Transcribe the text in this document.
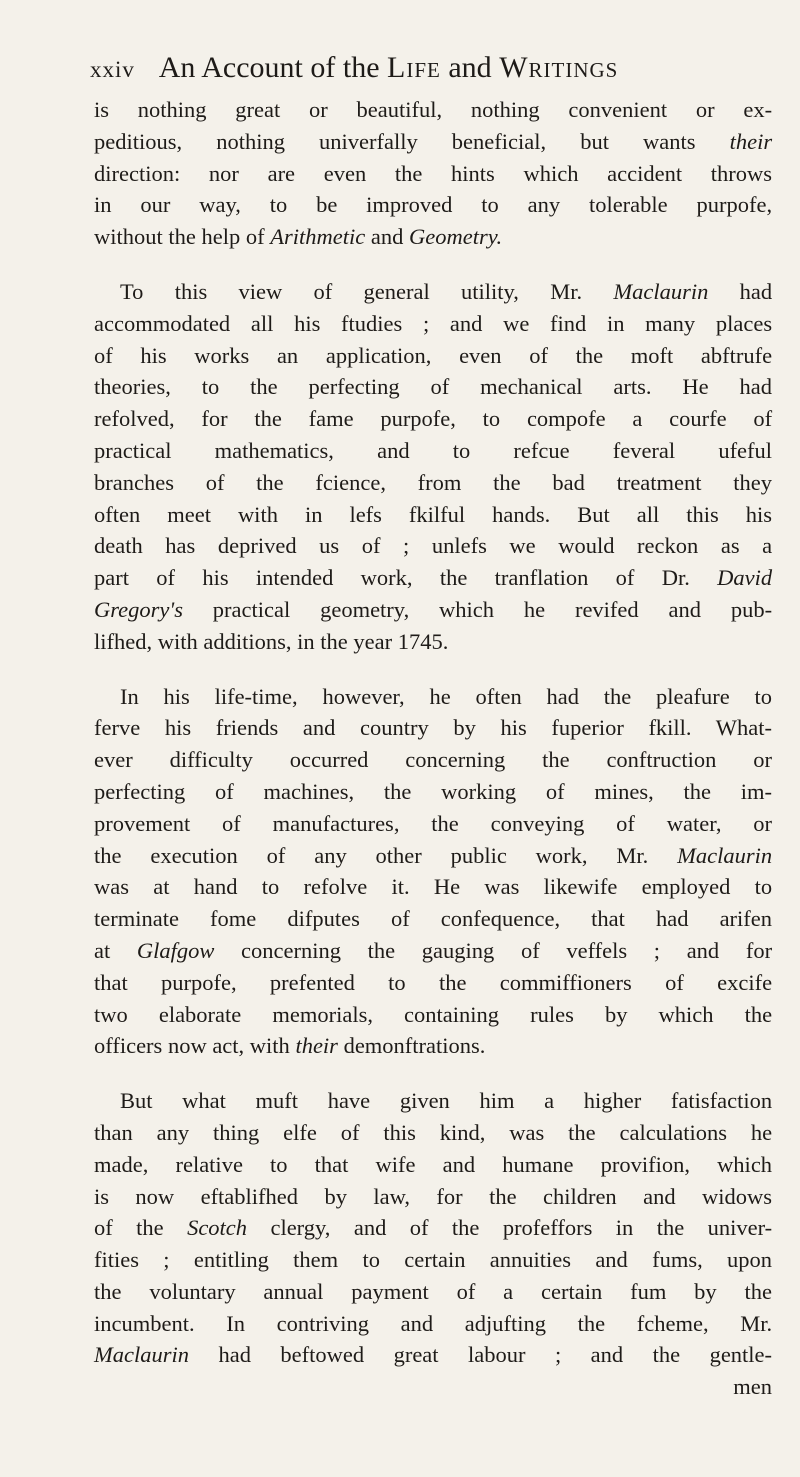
xxiv An Account of the Life and Writings

is nothing great or beautiful, nothing convenient or ex-
peditious, nothing univerfally beneficial, but wants their
direction: nor are even the hints which accident throws
in our way, to be improved to any tolerable purpofe,
without the help of Arithmetic and Geometry.

To this view of general utility, Mr. Maclaurin had
accommodated all his ftudies ; and we find in many places
of his works an application, even of the moft abftrufe
theories, to the perfecting of mechanical arts. He had
refolved, for the fame purpofe, to compofe a courfe of
practical mathematics, and to refcue feveral ufeful
branches of the fcience, from the bad treatment they
often meet with in lefs fkilful hands. But all this his
death has deprived us of ; unlefs we would reckon as a
part of his intended work, the tranflation of Dr. David
Gregory's practical geometry, which he revifed and pub-
lifhed, with additions, in the year 1745.

In his life-time, however, he often had the pleafure to
ferve his friends and country by his fuperior fkill. What-
ever difficulty occurred concerning the conftruction or
perfecting of machines, the working of mines, the im-
provement of manufactures, the conveying of water, or
the execution of any other public work, Mr. Maclaurin
was at hand to refolve it. He was likewife employed to
terminate fome difputes of confequence, that had arifen
at Glafgow concerning the gauging of veffels ; and for
that purpofe, prefented to the commiffioners of excife
two elaborate memorials, containing rules by which the
officers now act, with their demonftrations.

But what muft have given him a higher fatisfaction
than any thing elfe of this kind, was the calculations he
made, relative to that wife and humane provifion, which
is now eftablifhed by law, for the children and widows
of the Scotch clergy, and of the profeffors in the univer-
fities ; entitling them to certain annuities and fums, upon
the voluntary annual payment of a certain fum by the
incumbent. In contriving and adjufting the fcheme, Mr.
Maclaurin had beftowed great labour ; and the gentle-

men
